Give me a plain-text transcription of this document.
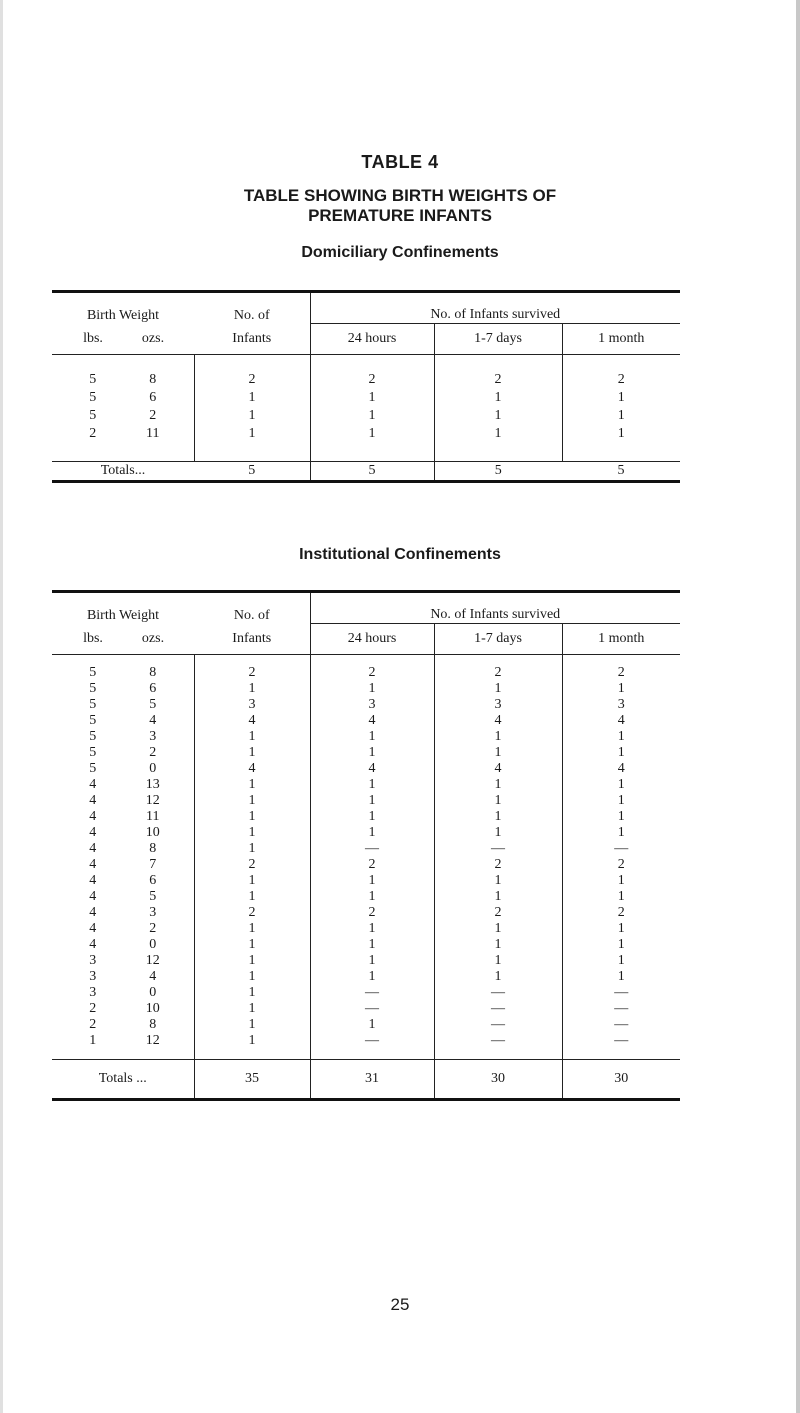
TABLE 4
TABLE SHOWING BIRTH WEIGHTS OF PREMATURE INFANTS
Domiciliary Confinements
Birth Weight	No. of	No. of Infants survived		
lbs. ozs.	Infants	24 hours	1-7 days	1 month
5 8	2	2	2	2
5 6	1	1	1	1
5 2	1	1	1	1
2 11	1	1	1	1
Totals...	5	5	5	5
Institutional Confinements
Birth Weight	No. of	No. of Infants survived		
lbs. ozs.	Infants	24 hours	1-7 days	1 month
5 8	2	2	2	2
5 6	1	1	1	1
5 5	3	3	3	3
5 4	4	4	4	4
5 3	1	1	1	1
5 2	1	1	1	1
5 0	4	4	4	4
4 13	1	1	1	1
4 12	1	1	1	1
4 11	1	1	1	1
4 10	1	1	1	1
4 8	1	—	—	—
4 7	2	2	2	2
4 6	1	1	1	1
4 5	1	1	1	1
4 3	2	2	2	2
4 2	1	1	1	1
4 0	1	1	1	1
3 12	1	1	1	1
3 4	1	1	1	1
3 0	1	—	—	—
2 10	1	—	—	—
2 8	1	1	—	—
1 12	1	—	—	—
Totals ...	35	31	30	30
25
